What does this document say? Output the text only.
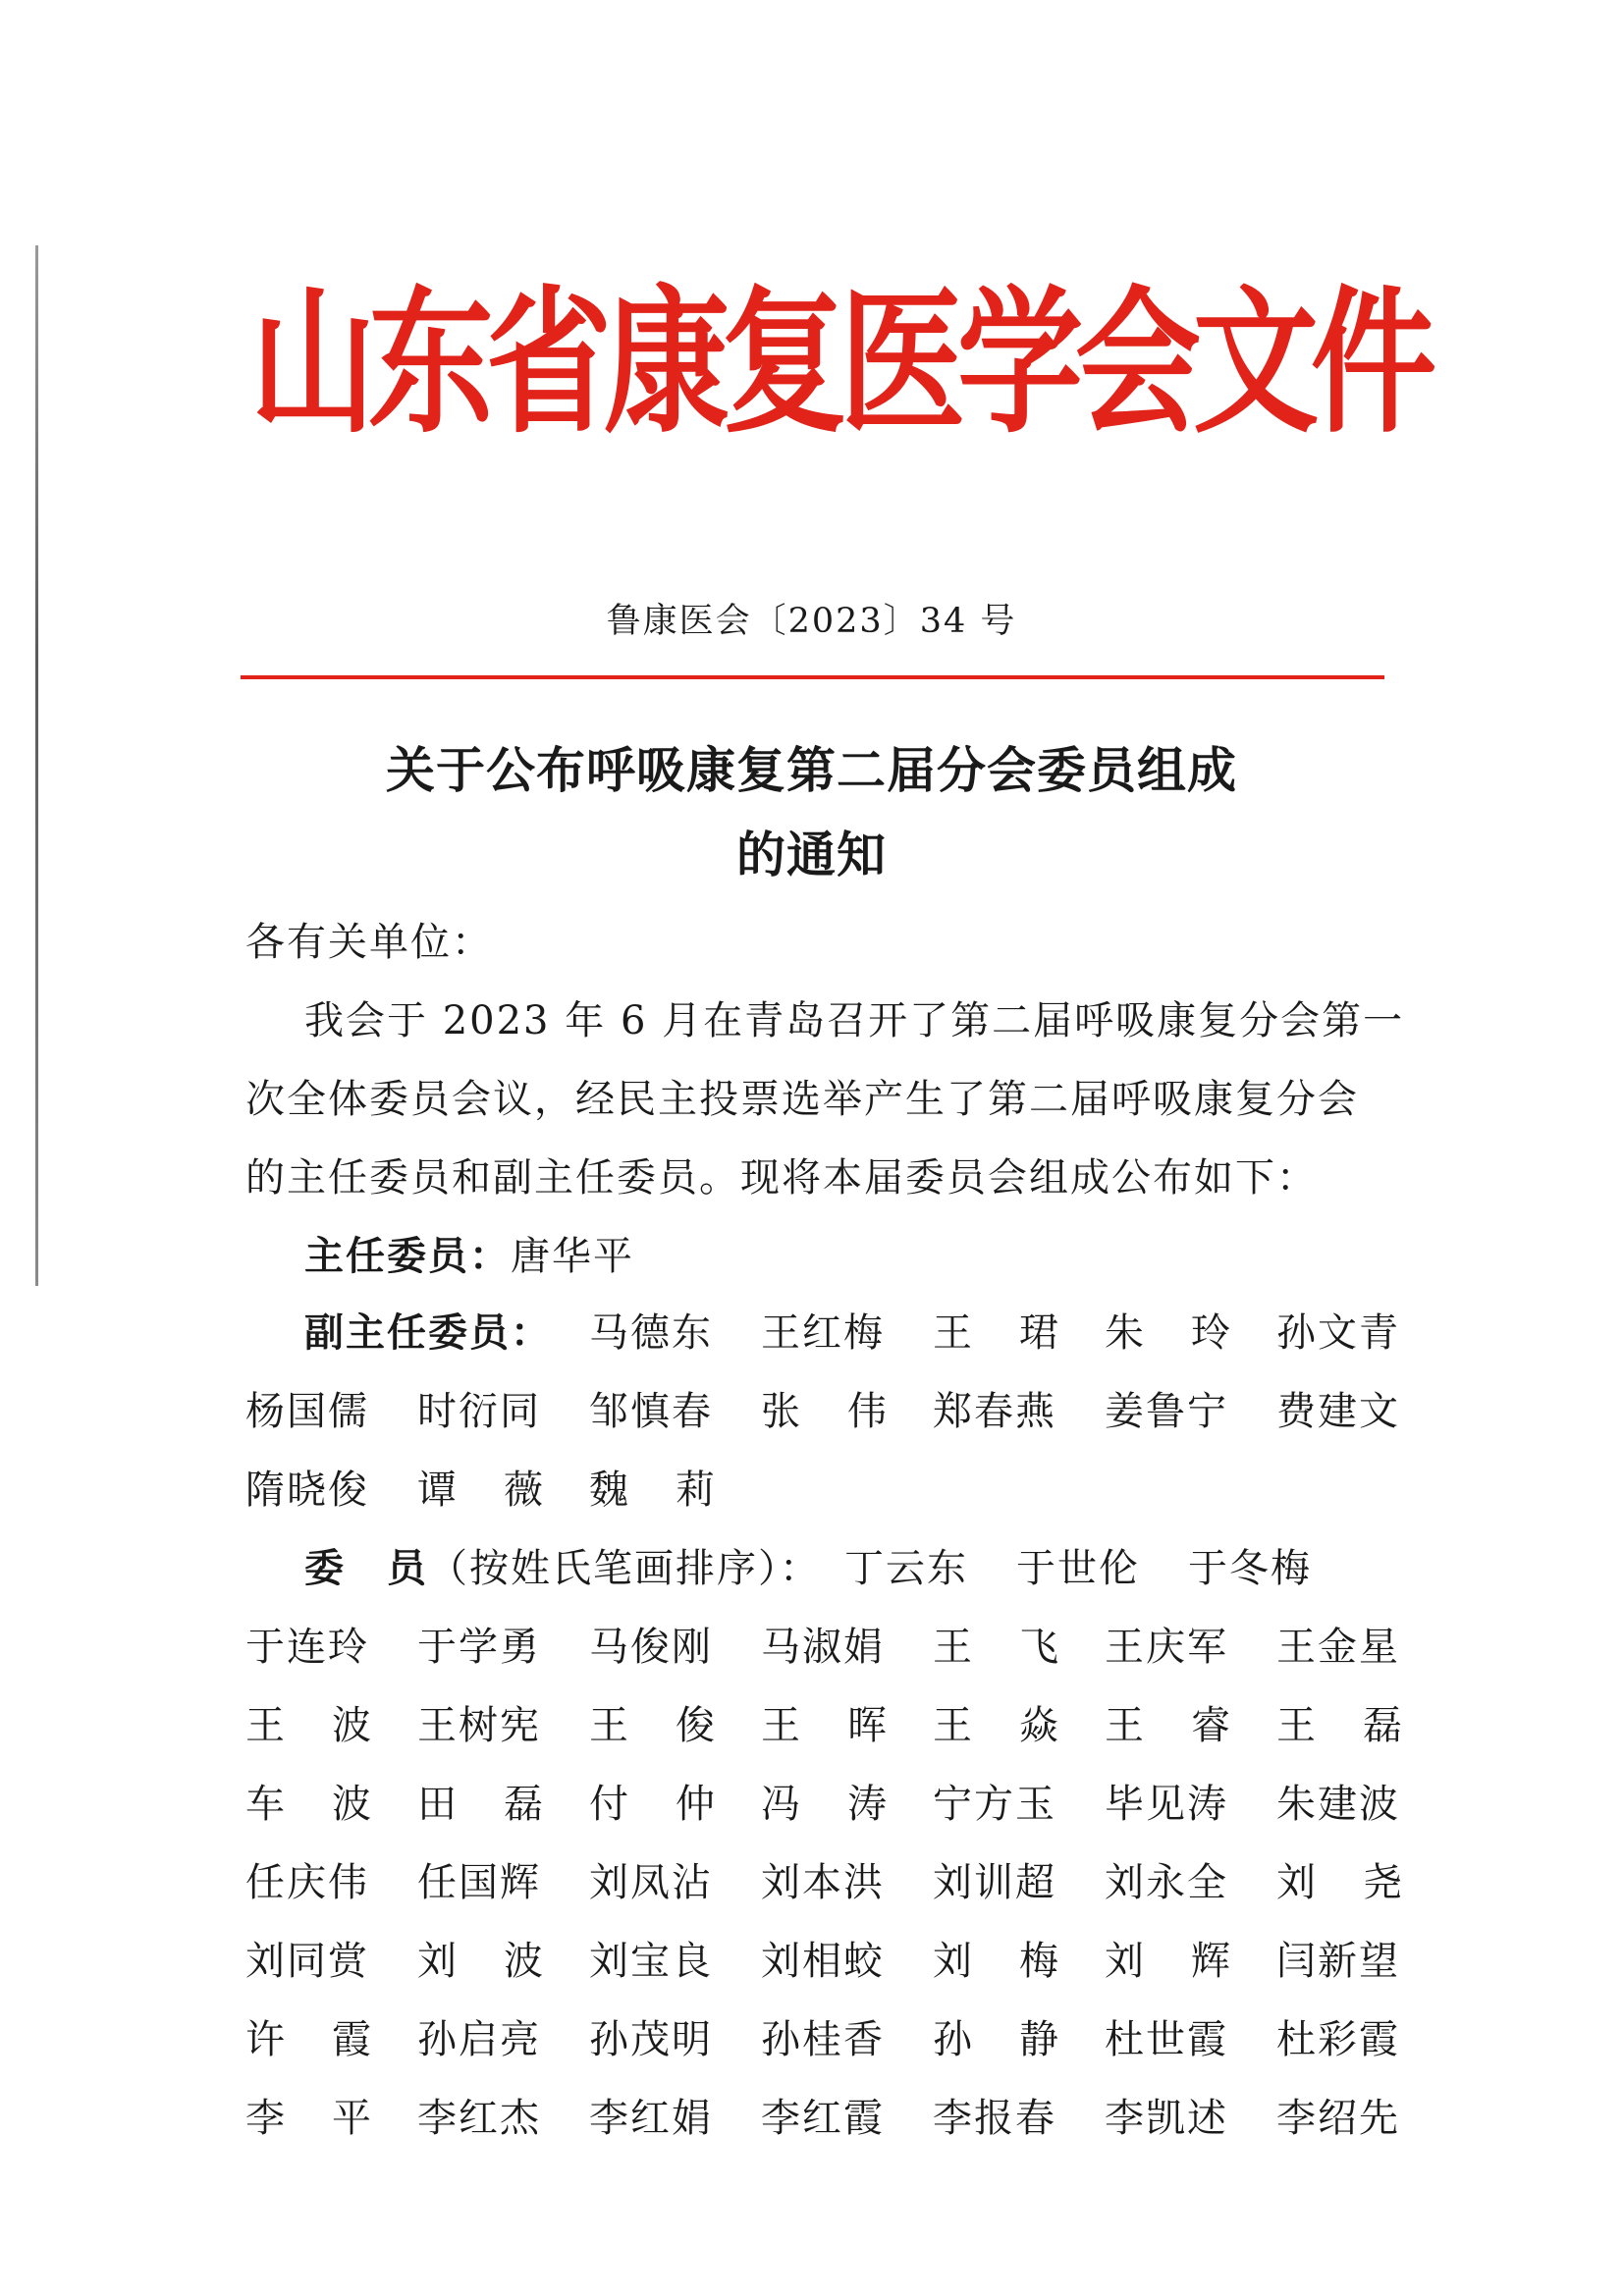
山东省康复医学会文件
鲁康医会〔2023〕34 号
关于公布呼吸康复第二届分会委员组成
的通知
各有关单位：
我会于 2023 年 6 月在青岛召开了第二届呼吸康复分会第一
次全体委员会议，经民主投票选举产生了第二届呼吸康复分会
的主任委员和副主任委员。现将本届委员会组成公布如下：
主任委员：唐华平
副主任委员： 马德东 王红梅 王 珺 朱 玲 孙文青
杨国儒 时衍同 邹慎春 张 伟 郑春燕 姜鲁宁 费建文
隋晓俊 谭 薇 魏 莉
委　员（按姓氏笔画排序）： 丁云东 于世伦 于冬梅
于连玲 于学勇 马俊刚 马淑娟 王 飞 王庆军 王金星
王 波 王树宪 王 俊 王 晖 王 焱 王 睿 王 磊
车 波 田 磊 付 仲 冯 涛 宁方玉 毕见涛 朱建波
任庆伟 任国辉 刘凤沾 刘本洪 刘训超 刘永全 刘 尧
刘同赏 刘 波 刘宝良 刘相蛟 刘 梅 刘 辉 闫新望
许 霞 孙启亮 孙茂明 孙桂香 孙 静 杜世霞 杜彩霞
李 平 李红杰 李红娟 李红霞 李报春 李凯述 李绍先
